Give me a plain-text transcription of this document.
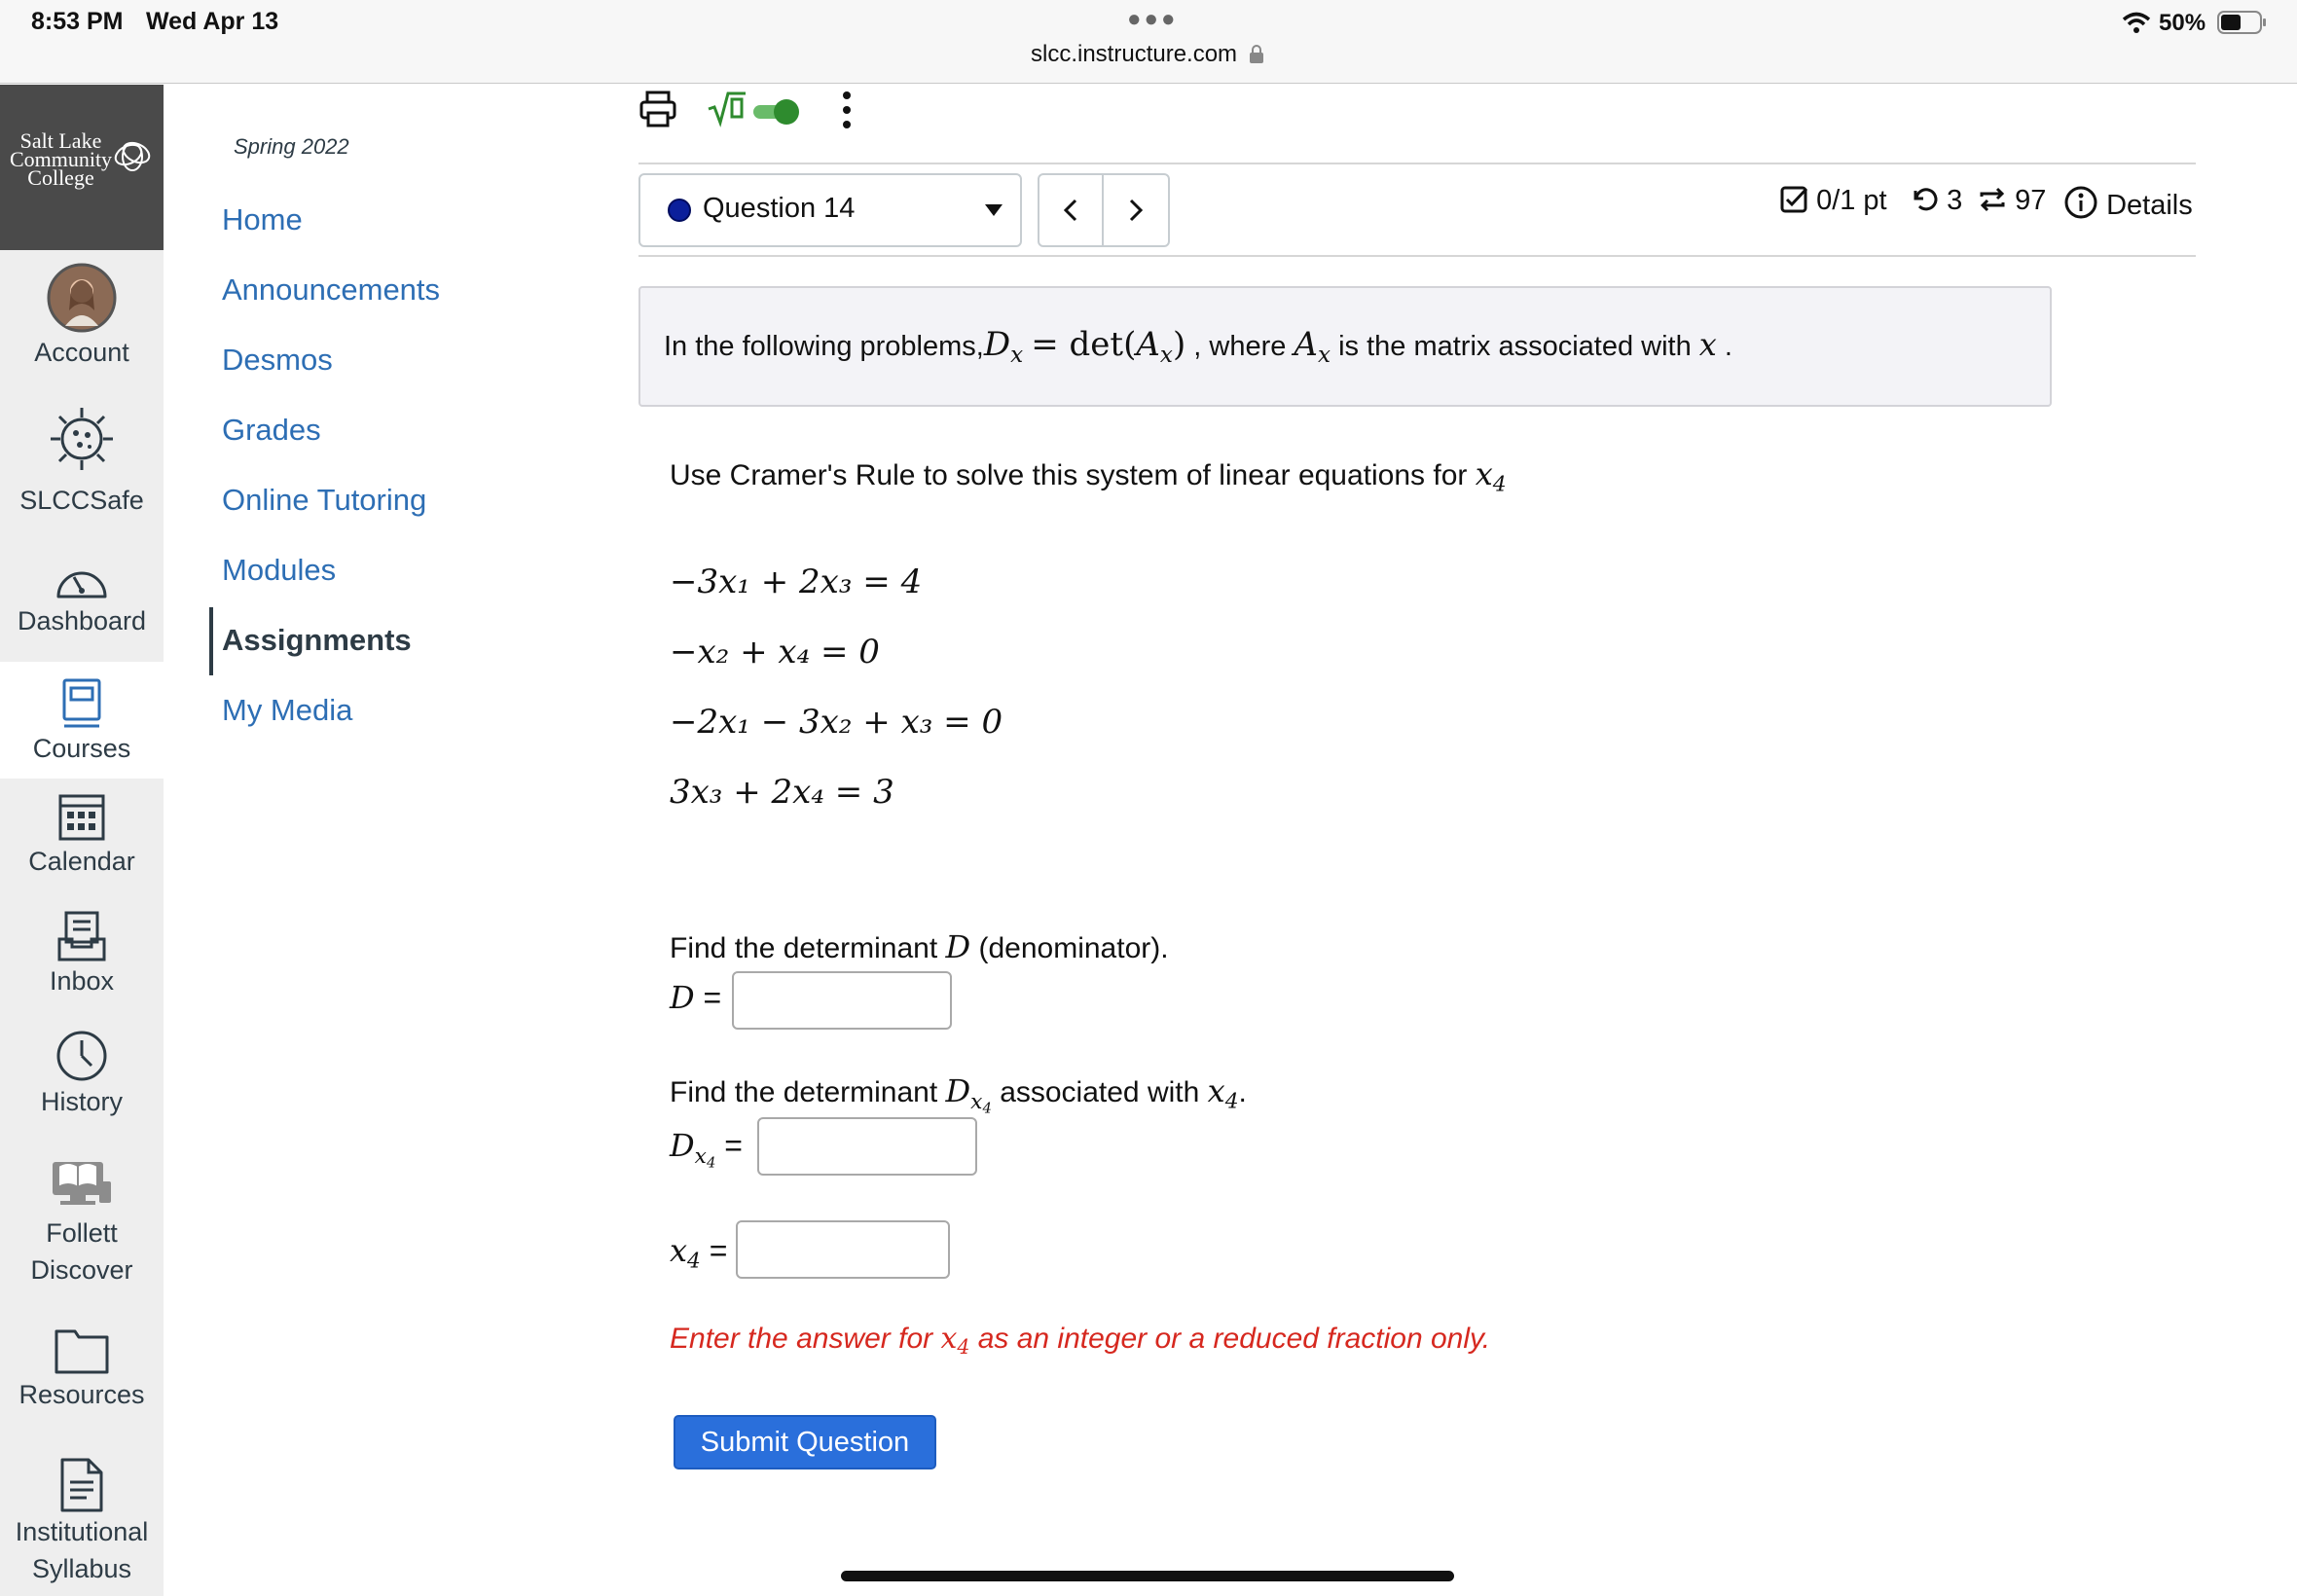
8:53 PM Wed Apr 13	●●●
slcc.instructure.com
50%
Salt Lake
Community
College
Account
SLCCSafe
Dashboard
Courses
Calendar
Inbox
History
Follett
Discover
Resources
Institutional
Syllabus
Spring 2022
Home
Announcements
Desmos
Grades
Online Tutoring
Modules
Assignments
My Media
Question 14	0/1 pt	3	97	Details
In the following $problems,D_x = \det(A_x)$ , where $A_x$ is the matrix associated with x .
Use Cramer's Rule to solve this system of linear equations for $x_4$
−3x₁ + 2x₃ = 4
−x₂ + x₄ = 0
−2x₁ − 3x₂ + x₃ = 0
3x₃ + 2x₄ = 3
Find the determinant D (denominator).
D =
Find the determinant $D_{x_4}$ associated with $x_4$.
$D_{x_4}$ =
$x_4$ =
Enter the answer for $x_4$ as an integer or a reduced fraction only.
Submit Question
